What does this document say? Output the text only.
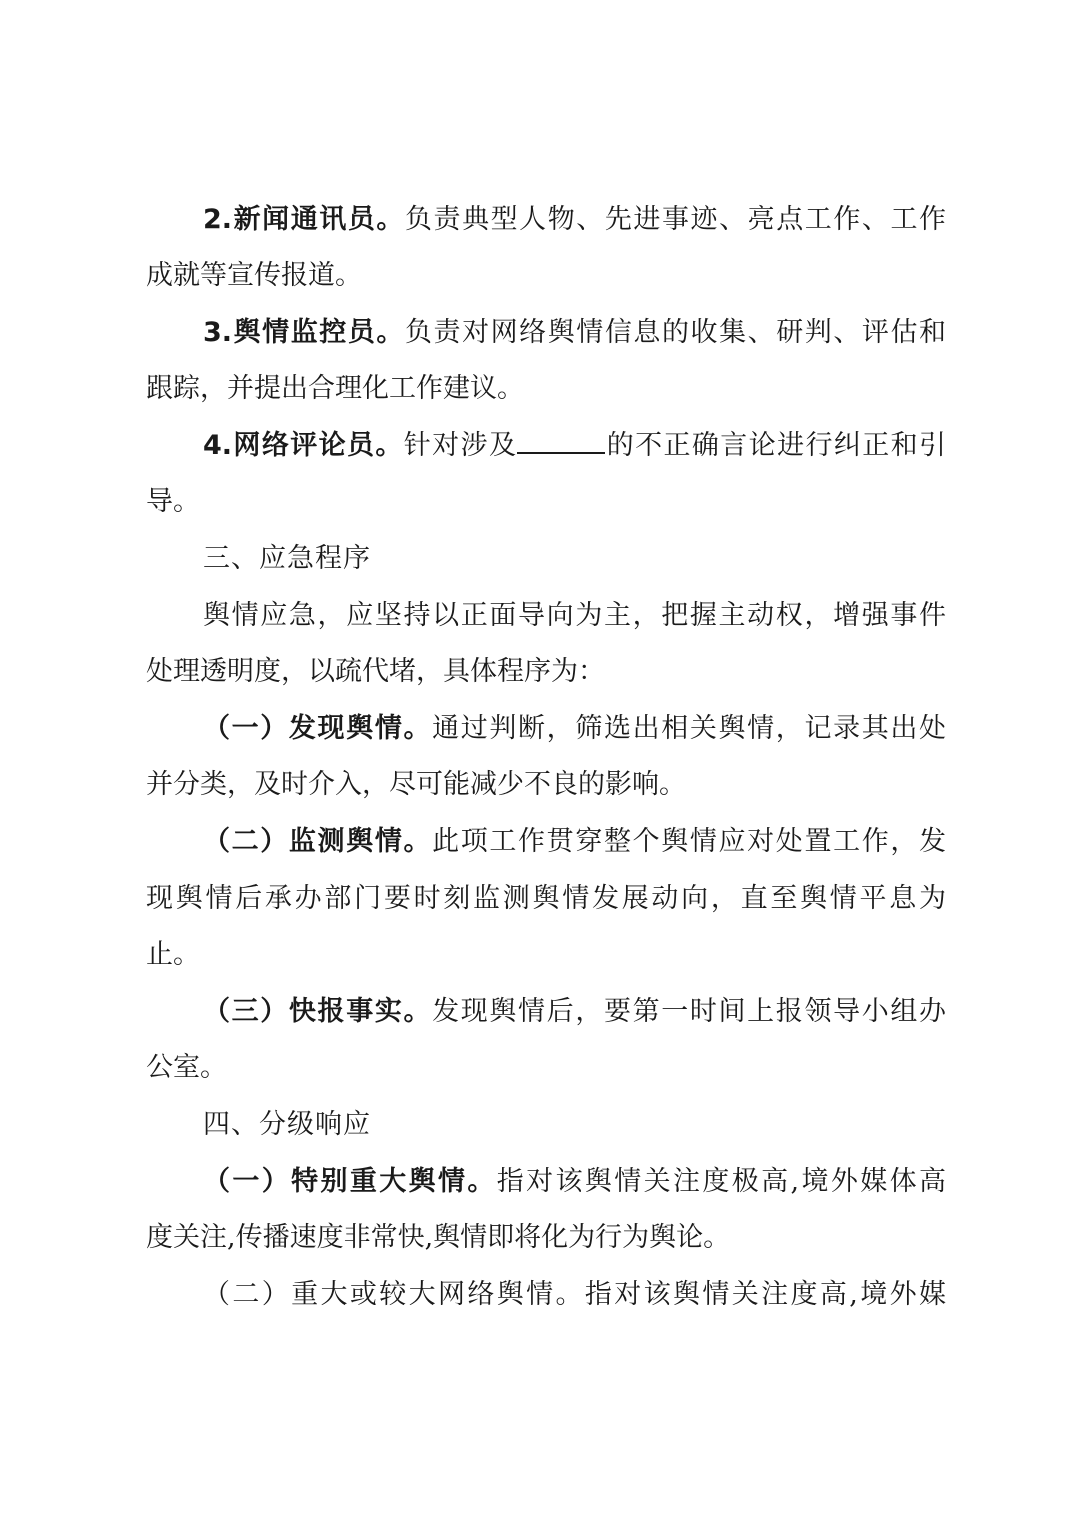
2.新闻通讯员。负责典型人物、先进事迹、亮点工作、工作

成就等宣传报道。

3.舆情监控员。负责对网络舆情信息的收集、研判、评估和

跟踪，并提出合理化工作建议。

4.网络评论员。针对涉及	的不正确言论进行纠正和引

导。

三、应急程序

舆情应急，应坚持以正面导向为主，把握主动权，增强事件

处理透明度，以疏代堵，具体程序为：

（一）发现舆情。通过判断，筛选出相关舆情，记录其出处

并分类，及时介入，尽可能减少不良的影响。

（二）监测舆情。此项工作贯穿整个舆情应对处置工作，发

现舆情后承办部门要时刻监测舆情发展动向，直至舆情平息为

止。

（三）快报事实。发现舆情后，要第一时间上报领导小组办

公室。

四、分级响应

（一）特别重大舆情。指对该舆情关注度极高,境外媒体高

度关注,传播速度非常快,舆情即将化为行为舆论。

（二）重大或较大网络舆情。指对该舆情关注度高,境外媒
